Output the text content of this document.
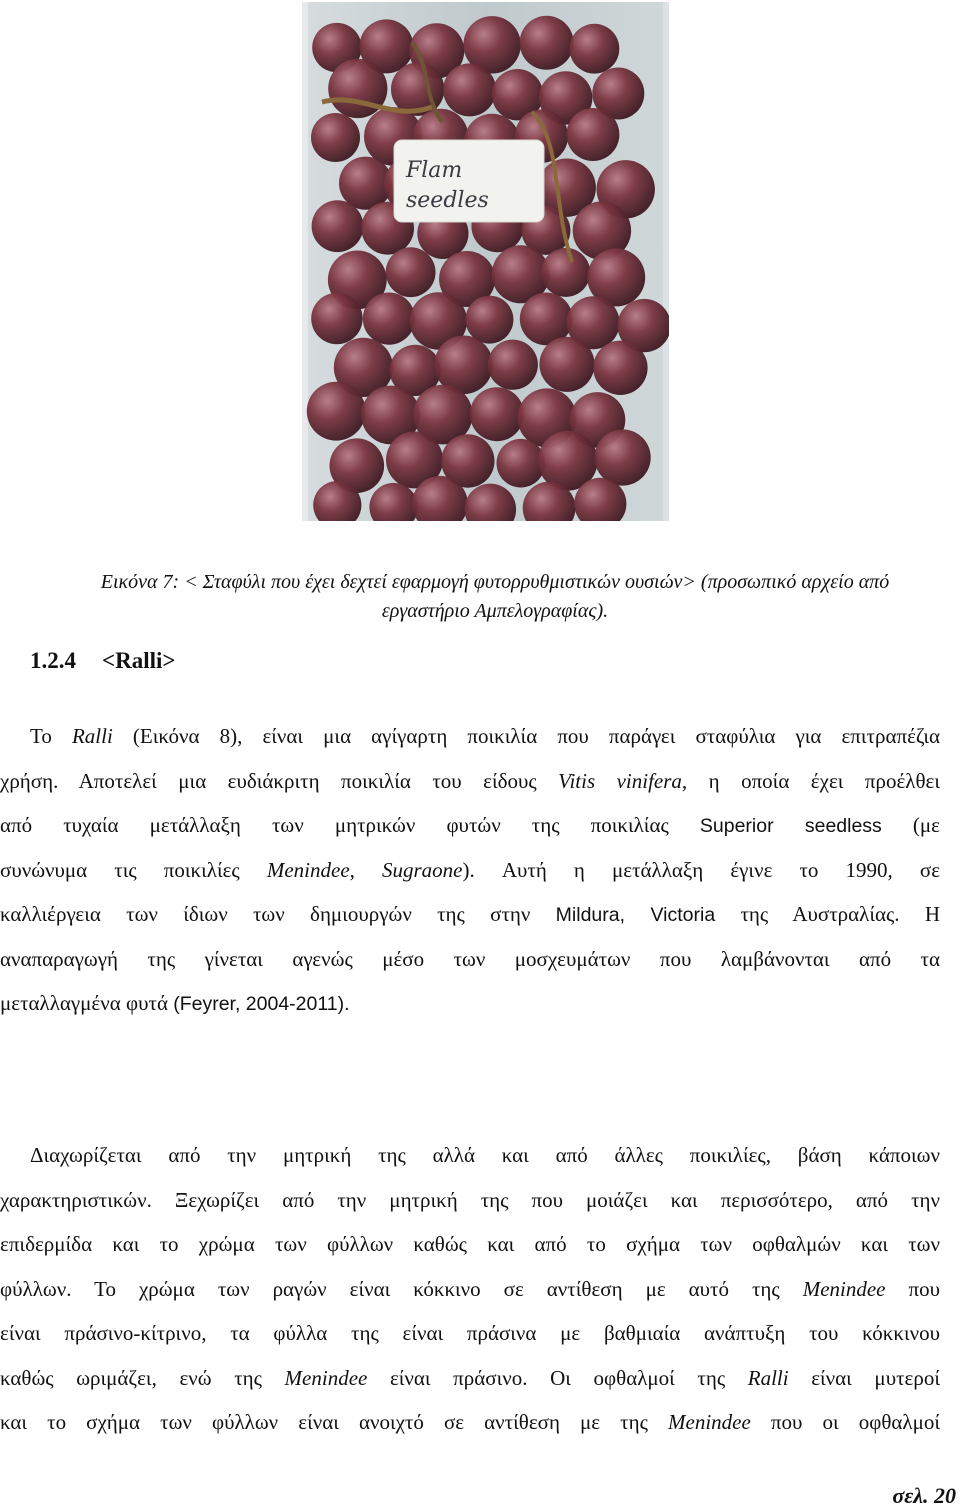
Flam
seedles
Εικόνα 7: < Σταφύλι που έχει δεχτεί εφαρμογή φυτορρυθμιστικών ουσιών> (προσωπικό αρχείο από
εργαστήριο Αμπελογραφίας).
1.2.4 <Ralli>
Το Ralli (Εικόνα 8), είναι μια αγίγαρτη ποικιλία που παράγει σταφύλια για επιτραπέζια
χρήση. Αποτελεί μια ευδιάκριτη ποικιλία του είδους Vitis vinifera, η οποία έχει προέλθει
από τυχαία μετάλλαξη των μητρικών φυτών της ποικιλίας Superior seedless (με
συνώνυμα τις ποικιλίες Menindee, Sugraone). Αυτή η μετάλλαξη έγινε το 1990, σε
καλλιέργεια των ίδιων των δημιουργών της στην Mildura, Victoria της Αυστραλίας. Η
αναπαραγωγή της γίνεται αγενώς μέσο των μοσχευμάτων που λαμβάνονται από τα
μεταλλαγμένα φυτά (Feyrer, 2004-2011).
Διαχωρίζεται από την μητρική της αλλά και από άλλες ποικιλίες, βάση κάποιων
χαρακτηριστικών. Ξεχωρίζει από την μητρική της που μοιάζει και περισσότερο, από την
επιδερμίδα και το χρώμα των φύλλων καθώς και από το σχήμα των οφθαλμών και των
φύλλων. Το χρώμα των ραγών είναι κόκκινο σε αντίθεση με αυτό της Menindee που
είναι πράσινο-κίτρινο, τα φύλλα της είναι πράσινα με βαθμιαία ανάπτυξη του κόκκινου
καθώς ωριμάζει, ενώ της Menindee είναι πράσινο. Οι οφθαλμοί της Ralli είναι μυτεροί
και το σχήμα των φύλλων είναι ανοιχτό σε αντίθεση με της Menindee που οι οφθαλμοί
σελ. 20
